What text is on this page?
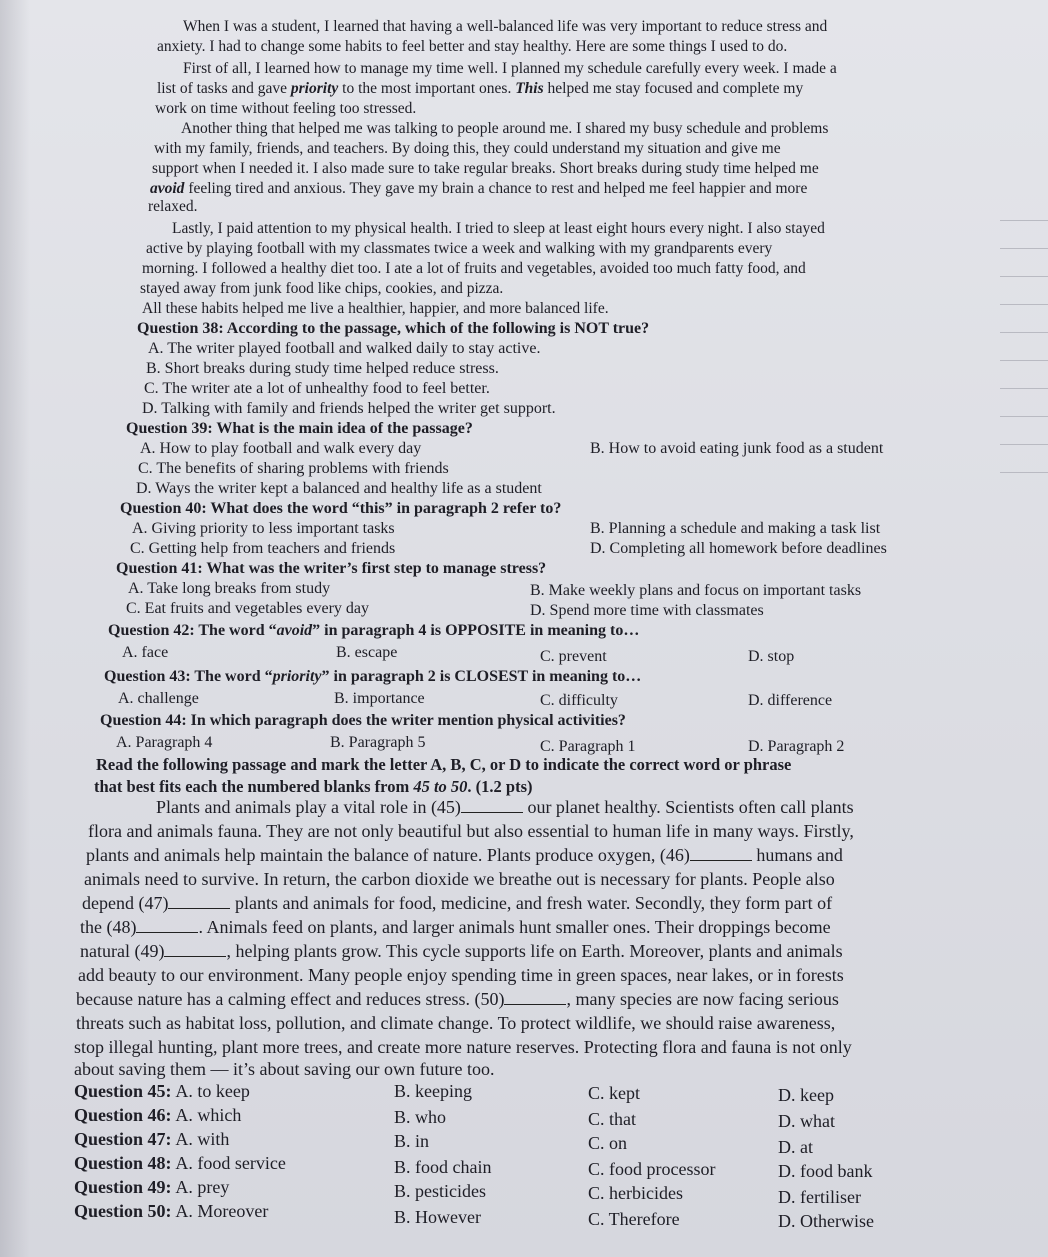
When I was a student, I learned that having a well-balanced life was very important to reduce stress and
anxiety. I had to change some habits to feel better and stay healthy. Here are some things I used to do.
First of all, I learned how to manage my time well. I planned my schedule carefully every week. I made a
list of tasks and gave priority to the most important ones. This helped me stay focused and complete my
work on time without feeling too stressed.
Another thing that helped me was talking to people around me. I shared my busy schedule and problems
with my family, friends, and teachers. By doing this, they could understand my situation and give me
support when I needed it. I also made sure to take regular breaks. Short breaks during study time helped me
avoid feeling tired and anxious. They gave my brain a chance to rest and helped me feel happier and more
relaxed.
Lastly, I paid attention to my physical health. I tried to sleep at least eight hours every night. I also stayed
active by playing football with my classmates twice a week and walking with my grandparents every
morning. I followed a healthy diet too. I ate a lot of fruits and vegetables, avoided too much fatty food, and
stayed away from junk food like chips, cookies, and pizza.
All these habits helped me live a healthier, happier, and more balanced life.
Question 38: According to the passage, which of the following is NOT true?
A. The writer played football and walked daily to stay active.
B. Short breaks during study time helped reduce stress.
C. The writer ate a lot of unhealthy food to feel better.
D. Talking with family and friends helped the writer get support.
Question 39: What is the main idea of the passage?
A. How to play football and walk every day	B. How to avoid eating junk food as a student
C. The benefits of sharing problems with friends
D. Ways the writer kept a balanced and healthy life as a student
Question 40: What does the word “this” in paragraph 2 refer to?
A. Giving priority to less important tasks	B. Planning a schedule and making a task list
C. Getting help from teachers and friends	D. Completing all homework before deadlines
Question 41: What was the writer’s first step to manage stress?
A. Take long breaks from study	B. Make weekly plans and focus on important tasks
C. Eat fruits and vegetables every day	D. Spend more time with classmates
Question 42: The word “avoid” in paragraph 4 is OPPOSITE in meaning to…
A. face	B. escape	C. prevent	D. stop
Question 43: The word “priority” in paragraph 2 is CLOSEST in meaning to…
A. challenge	B. importance	C. difficulty	D. difference
Question 44: In which paragraph does the writer mention physical activities?
A. Paragraph 4	B. Paragraph 5	C. Paragraph 1	D. Paragraph 2
Read the following passage and mark the letter A, B, C, or D to indicate the correct word or phrase
that best fits each the numbered blanks from 45 to 50. (1.2 pts)
Plants and animals play a vital role in (45)	our planet healthy. Scientists often call plants
flora and animals fauna. They are not only beautiful but also essential to human life in many ways. Firstly,
plants and animals help maintain the balance of nature. Plants produce oxygen, (46)	humans and
animals need to survive. In return, the carbon dioxide we breathe out is necessary for plants. People also
depend (47)	plants and animals for food, medicine, and fresh water. Secondly, they form part of
the (48)	. Animals feed on plants, and larger animals hunt smaller ones. Their droppings become
natural (49)	, helping plants grow. This cycle supports life on Earth. Moreover, plants and animals
add beauty to our environment. Many people enjoy spending time in green spaces, near lakes, or in forests
because nature has a calming effect and reduces stress. (50)	, many species are now facing serious
threats such as habitat loss, pollution, and climate change. To protect wildlife, we should raise awareness,
stop illegal hunting, plant more trees, and create more nature reserves. Protecting flora and fauna is not only
about saving them — it’s about saving our own future too.
Question 45: A. to keep	B. keeping	C. kept	D. keep
Question 46: A. which	B. who	C. that	D. what
Question 47: A. with	B. in	C. on	D. at
Question 48: A. food service	B. food chain	C. food processor	D. food bank
Question 49: A. prey	B. pesticides	C. herbicides	D. fertiliser
Question 50: A. Moreover	B. However	C. Therefore	D. Otherwise
